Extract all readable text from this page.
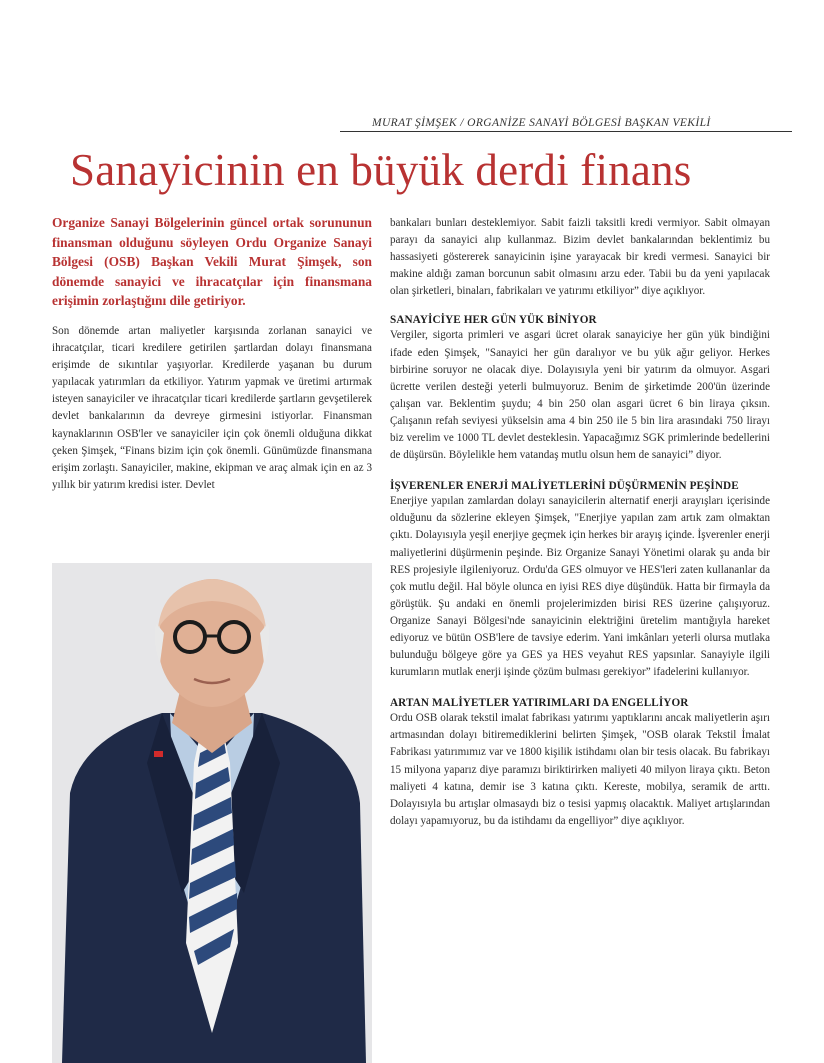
MURAT ŞİMŞEK / ORGANİZE SANAYİ BÖLGESİ BAŞKAN VEKİLİ
Sanayicinin en büyük derdi finans

Organize Sanayi Bölgelerinin güncel ortak sorununun finansman olduğunu söyleyen Ordu Organize Sanayi Bölgesi (OSB) Başkan Vekili Murat Şimşek, son dönemde sanayici ve ihracatçılar için finansmana erişimin zorlaştığını dile getiriyor.

Son dönemde artan maliyetler karşısında zorlanan sanayici ve ihracatçılar, ticari kredilere getirilen şartlardan dolayı finansmana erişimde de sıkıntılar yaşıyorlar. Kredilerde yaşanan bu durum yapılacak yatırımları da etkiliyor. Yatırım yapmak ve üretimi artırmak isteyen sanayiciler ve ihracatçılar ticari kredilerde şartların gevşetilerek devlet bankalarının da devreye girmesini istiyorlar. Finansman kaynaklarının OSB'ler ve sanayiciler için çok önemli olduğuna dikkat çeken Şimşek, “Finans bizim için çok önemli. Günümüzde finansmana erişim zorlaştı. Sanayiciler, makine, ekipman ve araç almak için en az 3 yıllık bir yatırım kredisi ister. Devlet

bankaları bunları desteklemiyor. Sabit faizli taksitli kredi vermiyor. Sabit olmayan parayı da sanayici alıp kullanmaz. Bizim devlet bankalarından beklentimiz bu hassasiyeti göstererek sanayicinin işine yarayacak bir kredi vermesi. Sanayici bir makine aldığı zaman borcunun sabit olmasını arzu eder. Tabii bu da yeni yapılacak olan şirketleri, binaları, fabrikaları ve yatırımı etkiliyor” diye açıklıyor.

SANAYİCİYE HER GÜN YÜK BİNİYOR

Vergiler, sigorta primleri ve asgari ücret olarak sanayiciye her gün yük bindiğini ifade eden Şimşek, "Sanayici her gün daralıyor ve bu yük ağır geliyor. Herkes birbirine soruyor ne olacak diye. Dolayısıyla yeni bir yatırım da olmuyor. Asgari ücrette verilen desteği yeterli bulmuyoruz. Benim de şirketimde 200'ün üzerinde çalışan var. Beklentim şuydu; 4 bin 250 olan asgari ücret 6 bin liraya çıksın. Çalışanın refah seviyesi yükselsin ama 4 bin 250 ile 5 bin lira arasındaki 750 lirayı biz verelim ve 1000 TL devlet desteklesin. Yapacağımız SGK primlerinde bedellerini de düşürsün. Böylelikle hem vatandaş mutlu olsun hem de sanayici” diyor.

İŞVERENLER ENERJİ MALİYETLERİNİ DÜŞÜRMENİN PEŞİNDE

Enerjiye yapılan zamlardan dolayı sanayicilerin alternatif enerji arayışları içerisinde olduğunu da sözlerine ekleyen Şimşek, "Enerjiye yapılan zam artık zam olmaktan çıktı. Dolayısıyla yeşil enerjiye geçmek için herkes bir arayış içinde. İşverenler enerji maliyetlerini düşürmenin peşinde. Biz Organize Sanayi Yönetimi olarak şu anda bir RES projesiyle ilgileniyoruz. Ordu'da GES olmuyor ve HES'leri zaten kullananlar da çok mutlu değil. Hal böyle olunca en iyisi RES diye düşündük. Hatta bir firmayla da görüştük. Şu andaki en önemli projelerimizden birisi RES üzerine çalışıyoruz. Organize Sanayi Bölgesi'nde sanayicinin elektriğini üretelim mantığıyla hareket ediyoruz ve bütün OSB'lere de tavsiye ederim. Yani imkânları yeterli olursa mutlaka bulunduğu bölgeye göre ya GES ya HES veyahut RES yapsınlar. Sanayiyle ilgili kurumların mutlak enerji işinde çözüm bulması gerekiyor” ifadelerini kullanıyor.

ARTAN MALİYETLER YATIRIMLARI DA ENGELLİYOR

Ordu OSB olarak tekstil imalat fabrikası yatırımı yaptıklarını ancak maliyetlerin aşırı artmasından dolayı bitiremediklerini belirten Şimşek, "OSB olarak Tekstil İmalat Fabrikası yatırımımız var ve 1800 kişilik istihdamı olan bir tesis olacak. Bu fabrikayı 15 milyona yaparız diye paramızı biriktirirken maliyeti 40 milyon liraya çıktı. Beton maliyeti 4 katına, demir ise 3 katına çıktı. Kereste, mobilya, seramik de arttı. Dolayısıyla bu artışlar olmasaydı biz o tesisi yapmış olacaktık. Maliyet artışlarından dolayı yapamıyoruz, bu da istihdamı da engelliyor” diye açıklıyor.
